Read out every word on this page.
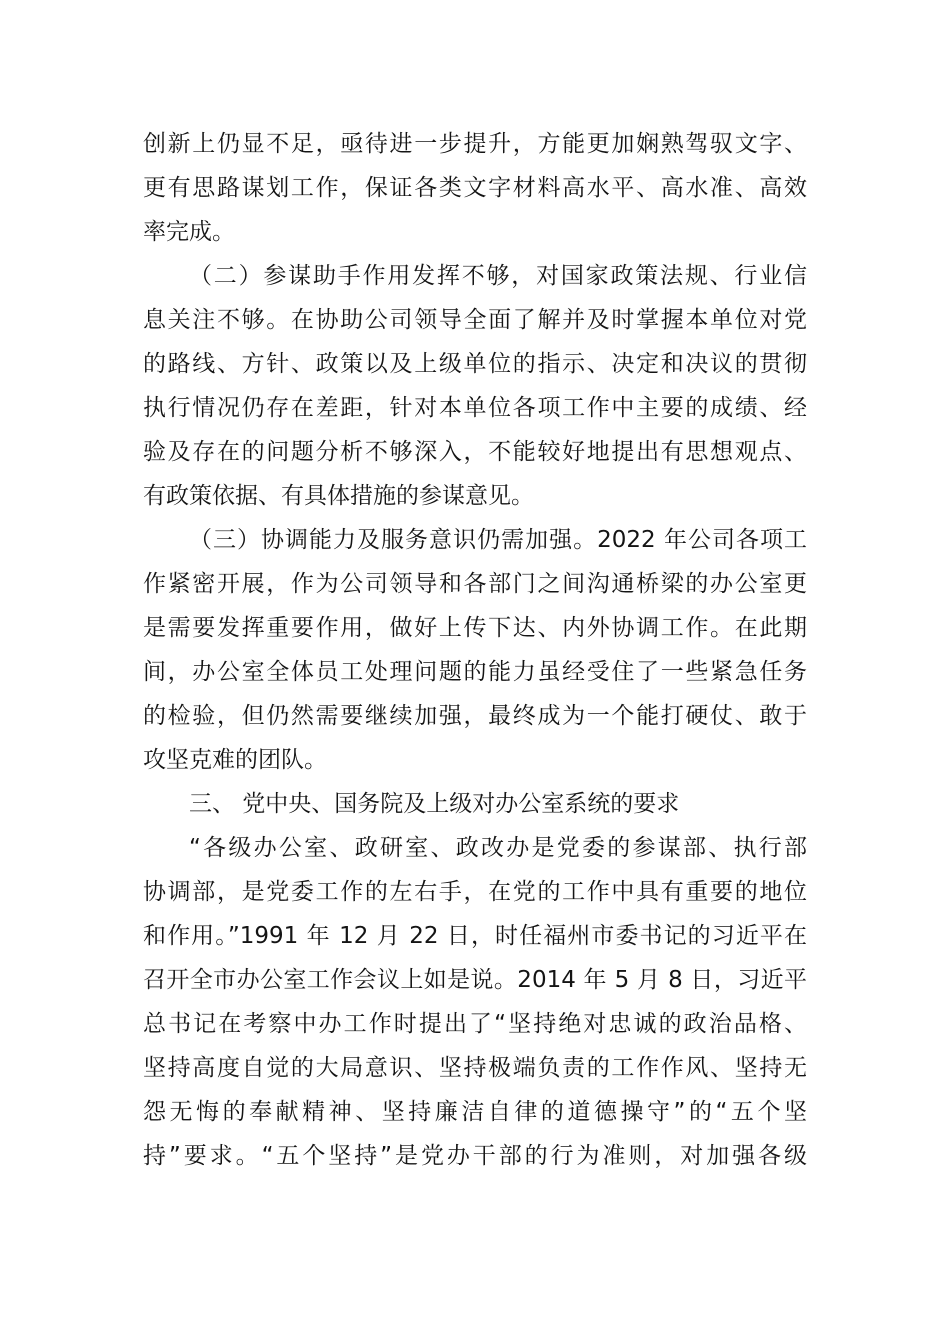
创新上仍显不足，亟待进一步提升，方能更加娴熟驾驭文字、
更有思路谋划工作，保证各类文字材料高水平、高水准、高效
率完成。
（二）参谋助手作用发挥不够，对国家政策法规、行业信
息关注不够。在协助公司领导全面了解并及时掌握本单位对党
的路线、方针、政策以及上级单位的指示、决定和决议的贯彻
执行情况仍存在差距，针对本单位各项工作中主要的成绩、经
验及存在的问题分析不够深入，不能较好地提出有思想观点、
有政策依据、有具体措施的参谋意见。
（三）协调能力及服务意识仍需加强。2022 年公司各项工
作紧密开展，作为公司领导和各部门之间沟通桥梁的办公室更
是需要发挥重要作用，做好上传下达、内外协调工作。在此期
间，办公室全体员工处理问题的能力虽经受住了一些紧急任务
的检验，但仍然需要继续加强，最终成为一个能打硬仗、敢于
攻坚克难的团队。
三、 党中央、国务院及上级对办公室系统的要求
“各级办公室、政研室、政改办是党委的参谋部、执行部
协调部，是党委工作的左右手，在党的工作中具有重要的地位
和作用。”1991 年 12 月 22 日，时任福州市委书记的习近平在
召开全市办公室工作会议上如是说。2014 年 5 月 8 日，习近平
总书记在考察中办工作时提出了“坚持绝对忠诚的政治品格、
坚持高度自觉的大局意识、坚持极端负责的工作作风、坚持无
怨无悔的奉献精神、坚持廉洁自律的道德操守”的“五个坚
持”要求。“五个坚持”是党办干部的行为准则，对加强各级
